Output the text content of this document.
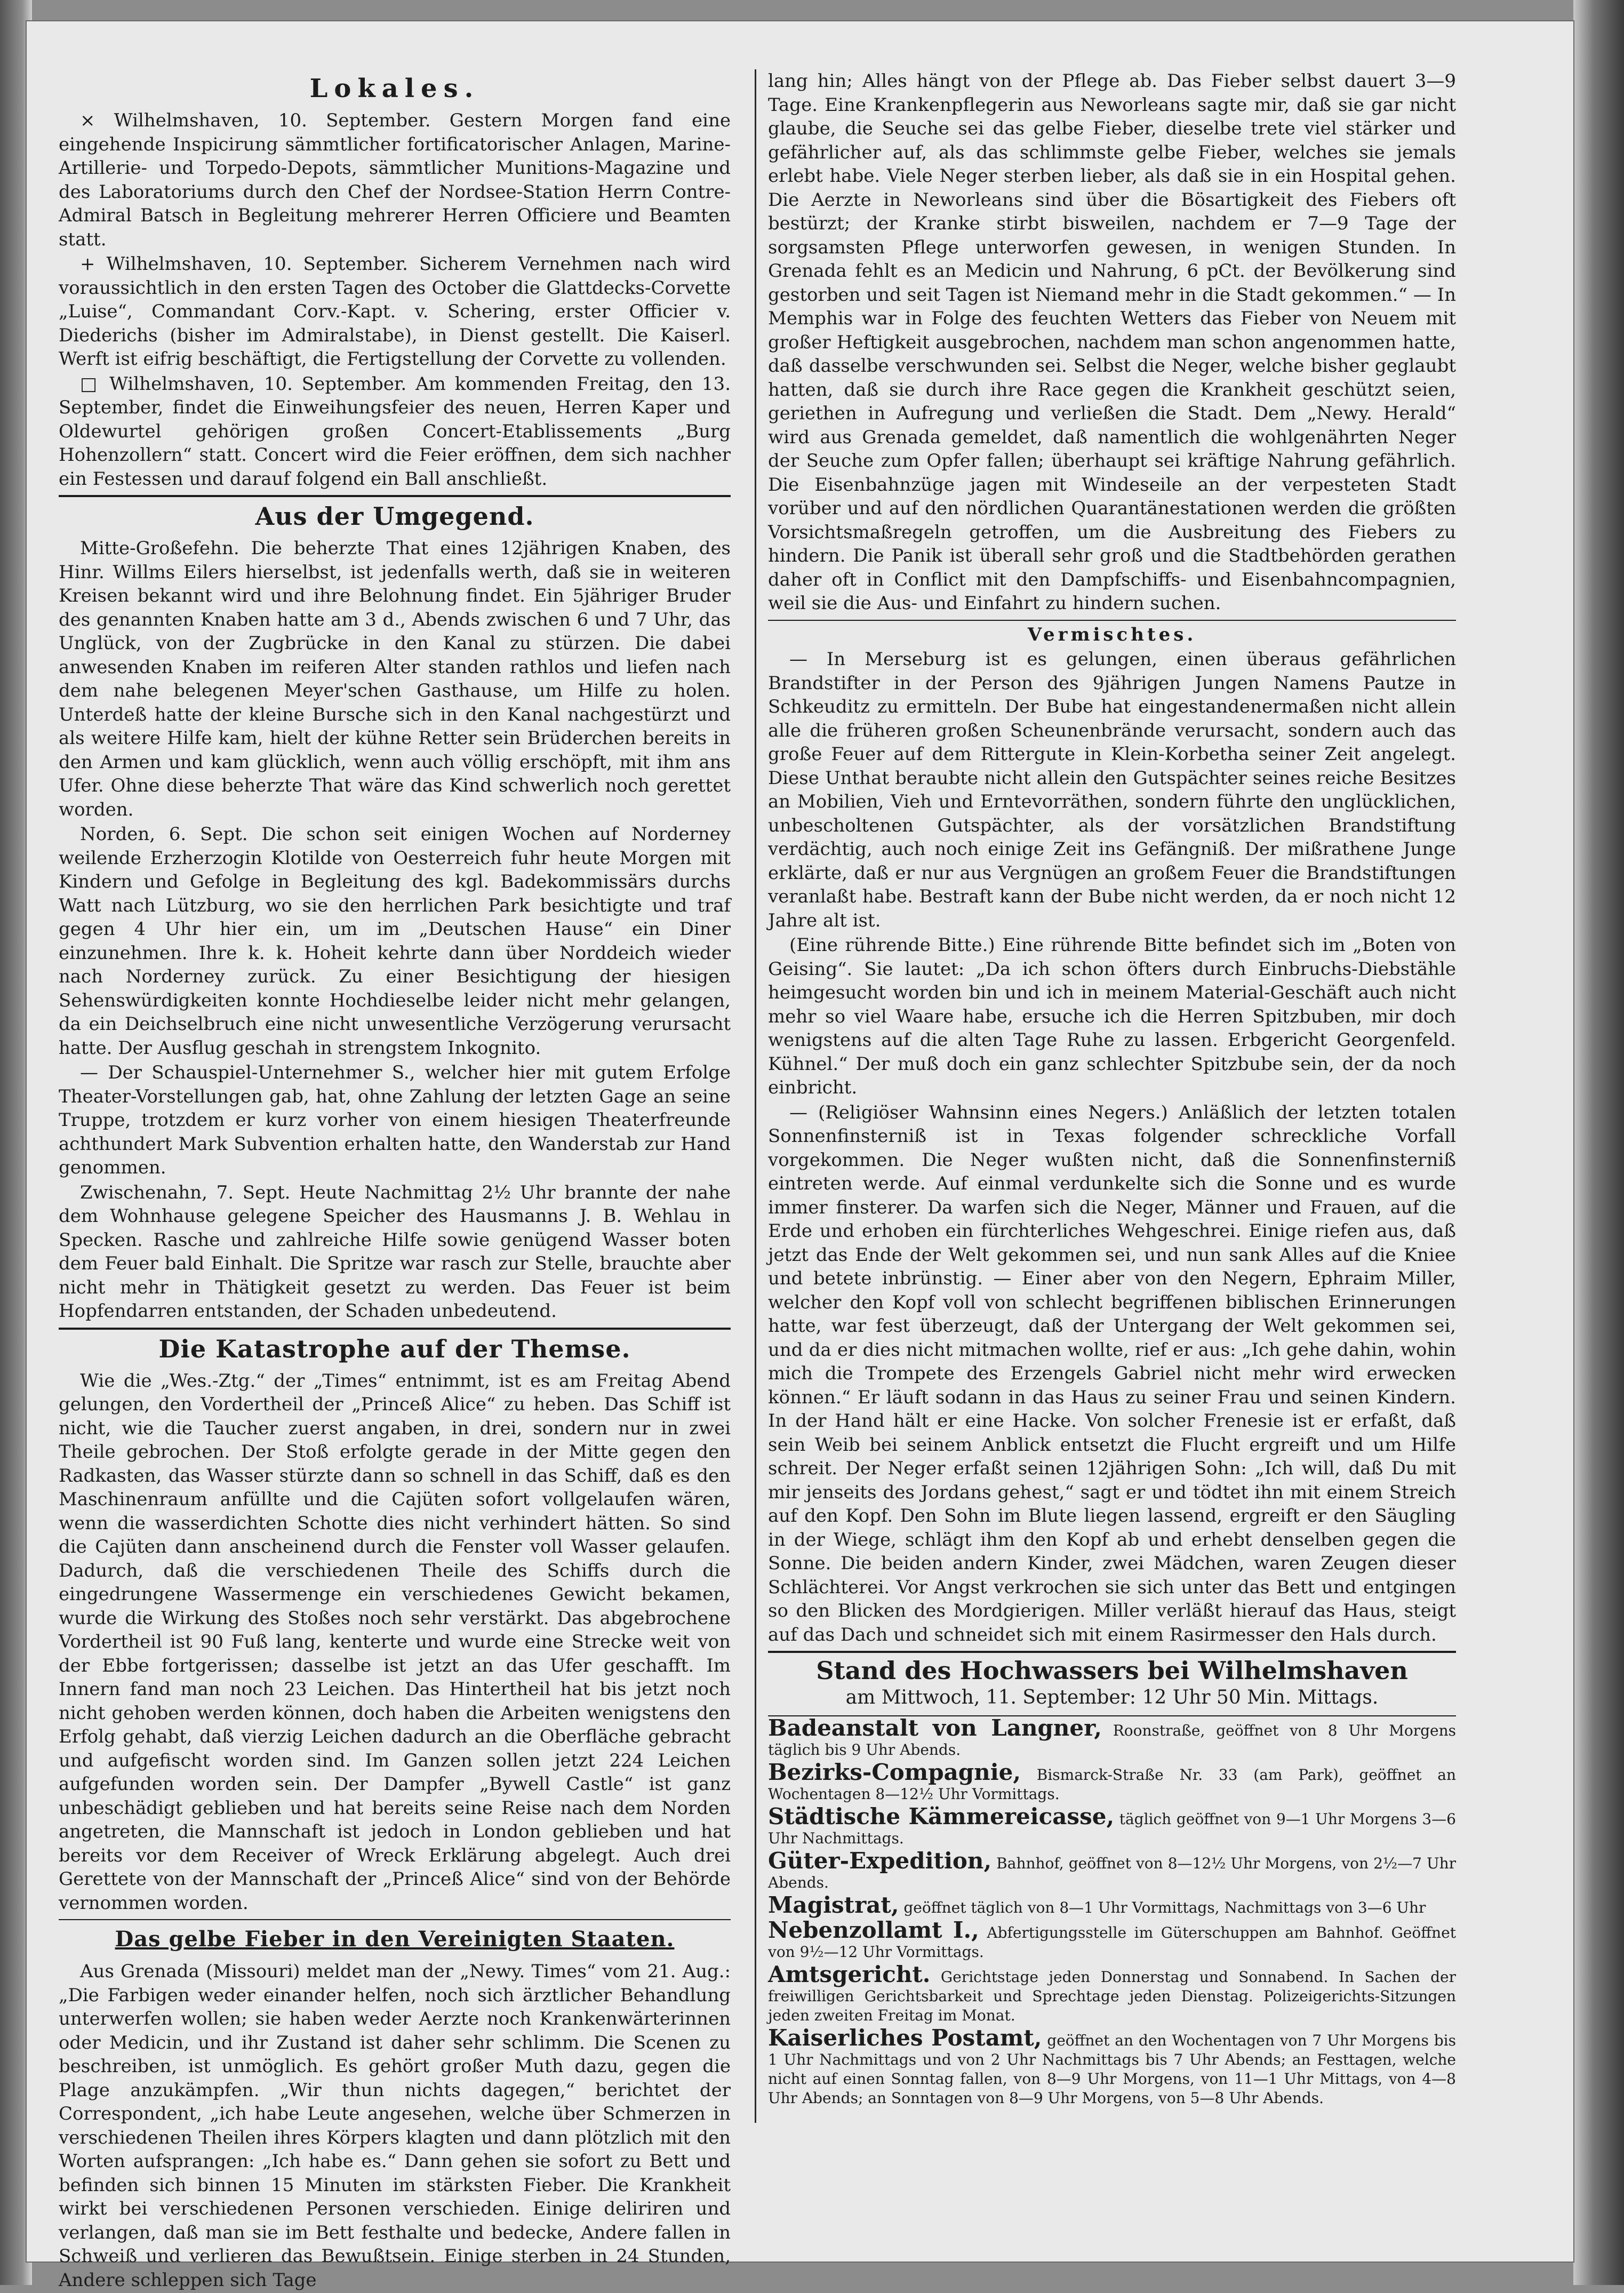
Lokales.

× Wilhelmshaven, 10. September. Gestern Morgen fand eine eingehende Inspicirung sämmtlicher fortificatorischer Anlagen, Marine-Artillerie- und Torpedo-Depots, sämmtlicher Munitions-Magazine und des Laboratoriums durch den Chef der Nordsee-Station Herrn Contre-Admiral Batsch in Begleitung mehrerer Herren Officiere und Beamten statt.

+ Wilhelmshaven, 10. September. Sicherem Vernehmen nach wird voraussichtlich in den ersten Tagen des October die Glattdecks-Corvette „Luise“, Commandant Corv.-Kapt. v. Schering, erster Officier v. Diederichs (bisher im Admiralstabe), in Dienst gestellt. Die Kaiserl. Werft ist eifrig beschäftigt, die Fertigstellung der Corvette zu vollenden.

□ Wilhelmshaven, 10. September. Am kommenden Freitag, den 13. September, findet die Einweihungsfeier des neuen, Herren Kaper und Oldewurtel gehörigen großen Concert-Etablissements „Burg Hohenzollern“ statt. Concert wird die Feier eröffnen, dem sich nachher ein Festessen und darauf folgend ein Ball anschließt.

Aus der Umgegend.

Mitte-Großefehn. Die beherzte That eines 12jährigen Knaben, des Hinr. Willms Eilers hierselbst, ist jedenfalls werth, daß sie in weiteren Kreisen bekannt wird und ihre Belohnung findet. Ein 5jähriger Bruder des genannten Knaben hatte am 3 d., Abends zwischen 6 und 7 Uhr, das Unglück, von der Zugbrücke in den Kanal zu stürzen. Die dabei anwesenden Knaben im reiferen Alter standen rathlos und liefen nach dem nahe belegenen Meyer'schen Gasthause, um Hilfe zu holen. Unterdeß hatte der kleine Bursche sich in den Kanal nachgestürzt und als weitere Hilfe kam, hielt der kühne Retter sein Brüderchen bereits in den Armen und kam glücklich, wenn auch völlig erschöpft, mit ihm ans Ufer. Ohne diese beherzte That wäre das Kind schwerlich noch gerettet worden.

Norden, 6. Sept. Die schon seit einigen Wochen auf Norderney weilende Erzherzogin Klotilde von Oesterreich fuhr heute Morgen mit Kindern und Gefolge in Begleitung des kgl. Badekommissärs durchs Watt nach Lützburg, wo sie den herrlichen Park besichtigte und traf gegen 4 Uhr hier ein, um im „Deutschen Hause“ ein Diner einzunehmen. Ihre k. k. Hoheit kehrte dann über Norddeich wieder nach Norderney zurück. Zu einer Besichtigung der hiesigen Sehenswürdigkeiten konnte Hochdieselbe leider nicht mehr gelangen, da ein Deichselbruch eine nicht unwesentliche Verzögerung verursacht hatte. Der Ausflug geschah in strengstem Inkognito.

— Der Schauspiel-Unternehmer S., welcher hier mit gutem Erfolge Theater-Vorstellungen gab, hat, ohne Zahlung der letzten Gage an seine Truppe, trotzdem er kurz vorher von einem hiesigen Theaterfreunde achthundert Mark Subvention erhalten hatte, den Wanderstab zur Hand genommen.

Zwischenahn, 7. Sept. Heute Nachmittag 2½ Uhr brannte der nahe dem Wohnhause gelegene Speicher des Hausmanns J. B. Wehlau in Specken. Rasche und zahlreiche Hilfe sowie genügend Wasser boten dem Feuer bald Einhalt. Die Spritze war rasch zur Stelle, brauchte aber nicht mehr in Thätigkeit gesetzt zu werden. Das Feuer ist beim Hopfendarren entstanden, der Schaden unbedeutend.

Die Katastrophe auf der Themse.

Wie die „Wes.-Ztg.“ der „Times“ entnimmt, ist es am Freitag Abend gelungen, den Vordertheil der „Princeß Alice“ zu heben. Das Schiff ist nicht, wie die Taucher zuerst angaben, in drei, sondern nur in zwei Theile gebrochen. Der Stoß erfolgte gerade in der Mitte gegen den Radkasten, das Wasser stürzte dann so schnell in das Schiff, daß es den Maschinenraum anfüllte und die Cajüten sofort vollgelaufen wären, wenn die wasserdichten Schotte dies nicht verhindert hätten. So sind die Cajüten dann anscheinend durch die Fenster voll Wasser gelaufen. Dadurch, daß die verschiedenen Theile des Schiffs durch die eingedrungene Wassermenge ein verschiedenes Gewicht bekamen, wurde die Wirkung des Stoßes noch sehr verstärkt. Das abgebrochene Vordertheil ist 90 Fuß lang, kenterte und wurde eine Strecke weit von der Ebbe fortgerissen; dasselbe ist jetzt an das Ufer geschafft. Im Innern fand man noch 23 Leichen. Das Hintertheil hat bis jetzt noch nicht gehoben werden können, doch haben die Arbeiten wenigstens den Erfolg gehabt, daß vierzig Leichen dadurch an die Oberfläche gebracht und aufgefischt worden sind. Im Ganzen sollen jetzt 224 Leichen aufgefunden worden sein. Der Dampfer „Bywell Castle“ ist ganz unbeschädigt geblieben und hat bereits seine Reise nach dem Norden angetreten, die Mannschaft ist jedoch in London geblieben und hat bereits vor dem Receiver of Wreck Erklärung abgelegt. Auch drei Gerettete von der Mannschaft der „Princeß Alice“ sind von der Behörde vernommen worden.

Das gelbe Fieber in den Vereinigten Staaten.

Aus Grenada (Missouri) meldet man der „Newy. Times“ vom 21. Aug.: „Die Farbigen weder einander helfen, noch sich ärztlicher Behandlung unterwerfen wollen; sie haben weder Aerzte noch Krankenwärterinnen oder Medicin, und ihr Zustand ist daher sehr schlimm. Die Scenen zu beschreiben, ist unmöglich. Es gehört großer Muth dazu, gegen die Plage anzukämpfen. „Wir thun nichts dagegen,“ berichtet der Correspondent, „ich habe Leute angesehen, welche über Schmerzen in verschiedenen Theilen ihres Körpers klagten und dann plötzlich mit den Worten aufsprangen: „Ich habe es.“ Dann gehen sie sofort zu Bett und befinden sich binnen 15 Minuten im stärksten Fieber. Die Krankheit wirkt bei verschiedenen Personen verschieden. Einige deliriren und verlangen, daß man sie im Bett festhalte und bedecke, Andere fallen in Schweiß und verlieren das Bewußtsein. Einige sterben in 24 Stunden, Andere schleppen sich Tage

lang hin; Alles hängt von der Pflege ab. Das Fieber selbst dauert 3—9 Tage. Eine Krankenpflegerin aus Neworleans sagte mir, daß sie gar nicht glaube, die Seuche sei das gelbe Fieber, dieselbe trete viel stärker und gefährlicher auf, als das schlimmste gelbe Fieber, welches sie jemals erlebt habe. Viele Neger sterben lieber, als daß sie in ein Hospital gehen. Die Aerzte in Neworleans sind über die Bösartigkeit des Fiebers oft bestürzt; der Kranke stirbt bisweilen, nachdem er 7—9 Tage der sorgsamsten Pflege unterworfen gewesen, in wenigen Stunden. In Grenada fehlt es an Medicin und Nahrung, 6 pCt. der Bevölkerung sind gestorben und seit Tagen ist Niemand mehr in die Stadt gekommen.“ — In Memphis war in Folge des feuchten Wetters das Fieber von Neuem mit großer Heftigkeit ausgebrochen, nachdem man schon angenommen hatte, daß dasselbe verschwunden sei. Selbst die Neger, welche bisher geglaubt hatten, daß sie durch ihre Race gegen die Krankheit geschützt seien, geriethen in Aufregung und verließen die Stadt. Dem „Newy. Herald“ wird aus Grenada gemeldet, daß namentlich die wohlgenährten Neger der Seuche zum Opfer fallen; überhaupt sei kräftige Nahrung gefährlich. Die Eisenbahnzüge jagen mit Windeseile an der verpesteten Stadt vorüber und auf den nördlichen Quarantänestationen werden die größten Vorsichtsmaßregeln getroffen, um die Ausbreitung des Fiebers zu hindern. Die Panik ist überall sehr groß und die Stadtbehörden gerathen daher oft in Conflict mit den Dampfschiffs- und Eisenbahncompagnien, weil sie die Aus- und Einfahrt zu hindern suchen.

Vermischtes.

— In Merseburg ist es gelungen, einen überaus gefährlichen Brandstifter in der Person des 9jährigen Jungen Namens Pautze in Schkeuditz zu ermitteln. Der Bube hat eingestandenermaßen nicht allein alle die früheren großen Scheunenbrände verursacht, sondern auch das große Feuer auf dem Rittergute in Klein-Korbetha seiner Zeit angelegt. Diese Unthat beraubte nicht allein den Gutspächter seines reiche Besitzes an Mobilien, Vieh und Erntevorräthen, sondern führte den unglücklichen, unbescholtenen Gutspächter, als der vorsätzlichen Brandstiftung verdächtig, auch noch einige Zeit ins Gefängniß. Der mißrathene Junge erklärte, daß er nur aus Vergnügen an großem Feuer die Brandstiftungen veranlaßt habe. Bestraft kann der Bube nicht werden, da er noch nicht 12 Jahre alt ist.

(Eine rührende Bitte.) Eine rührende Bitte befindet sich im „Boten von Geising“. Sie lautet: „Da ich schon öfters durch Einbruchs-Diebstähle heimgesucht worden bin und ich in meinem Material-Geschäft auch nicht mehr so viel Waare habe, ersuche ich die Herren Spitzbuben, mir doch wenigstens auf die alten Tage Ruhe zu lassen. Erbgericht Georgenfeld. Kühnel.“ Der muß doch ein ganz schlechter Spitzbube sein, der da noch einbricht.

— (Religiöser Wahnsinn eines Negers.) Anläßlich der letzten totalen Sonnenfinsterniß ist in Texas folgender schreckliche Vorfall vorgekommen. Die Neger wußten nicht, daß die Sonnenfinsterniß eintreten werde. Auf einmal verdunkelte sich die Sonne und es wurde immer finsterer. Da warfen sich die Neger, Männer und Frauen, auf die Erde und erhoben ein fürchterliches Wehgeschrei. Einige riefen aus, daß jetzt das Ende der Welt gekommen sei, und nun sank Alles auf die Kniee und betete inbrünstig. — Einer aber von den Negern, Ephraim Miller, welcher den Kopf voll von schlecht begriffenen biblischen Erinnerungen hatte, war fest überzeugt, daß der Untergang der Welt gekommen sei, und da er dies nicht mitmachen wollte, rief er aus: „Ich gehe dahin, wohin mich die Trompete des Erzengels Gabriel nicht mehr wird erwecken können.“ Er läuft sodann in das Haus zu seiner Frau und seinen Kindern. In der Hand hält er eine Hacke. Von solcher Frenesie ist er erfaßt, daß sein Weib bei seinem Anblick entsetzt die Flucht ergreift und um Hilfe schreit. Der Neger erfaßt seinen 12jährigen Sohn: „Ich will, daß Du mit mir jenseits des Jordans gehest,“ sagt er und tödtet ihn mit einem Streich auf den Kopf. Den Sohn im Blute liegen lassend, ergreift er den Säugling in der Wiege, schlägt ihm den Kopf ab und erhebt denselben gegen die Sonne. Die beiden andern Kinder, zwei Mädchen, waren Zeugen dieser Schlächterei. Vor Angst verkrochen sie sich unter das Bett und entgingen so den Blicken des Mordgierigen. Miller verläßt hierauf das Haus, steigt auf das Dach und schneidet sich mit einem Rasirmesser den Hals durch.

Stand des Hochwassers bei Wilhelmshaven
am Mittwoch, 11. September: 12 Uhr 50 Min. Mittags.
Badeanstalt von Langner, Roonstraße, geöffnet von 8 Uhr Morgens täglich bis 9 Uhr Abends.
Bezirks-Compagnie, Bismarck-Straße Nr. 33 (am Park), geöffnet an Wochentagen 8—12½ Uhr Vormittags.
Städtische Kämmereicasse, täglich geöffnet von 9—1 Uhr Morgens 3—6 Uhr Nachmittags.
Güter-Expedition, Bahnhof, geöffnet von 8—12½ Uhr Morgens, von 2½—7 Uhr Abends.
Magistrat, geöffnet täglich von 8—1 Uhr Vormittags, Nachmittags von 3—6 Uhr
Nebenzollamt I., Abfertigungsstelle im Güterschuppen am Bahnhof. Geöffnet von 9½—12 Uhr Vormittags.
Amtsgericht. Gerichtstage jeden Donnerstag und Sonnabend. In Sachen der freiwilligen Gerichtsbarkeit und Sprechtage jeden Dienstag. Polizeigerichts-Sitzungen jeden zweiten Freitag im Monat.
Kaiserliches Postamt, geöffnet an den Wochentagen von 7 Uhr Morgens bis 1 Uhr Nachmittags und von 2 Uhr Nachmittags bis 7 Uhr Abends; an Festtagen, welche nicht auf einen Sonntag fallen, von 8—9 Uhr Morgens, von 11—1 Uhr Mittags, von 4—8 Uhr Abends; an Sonntagen von 8—9 Uhr Morgens, von 5—8 Uhr Abends.
